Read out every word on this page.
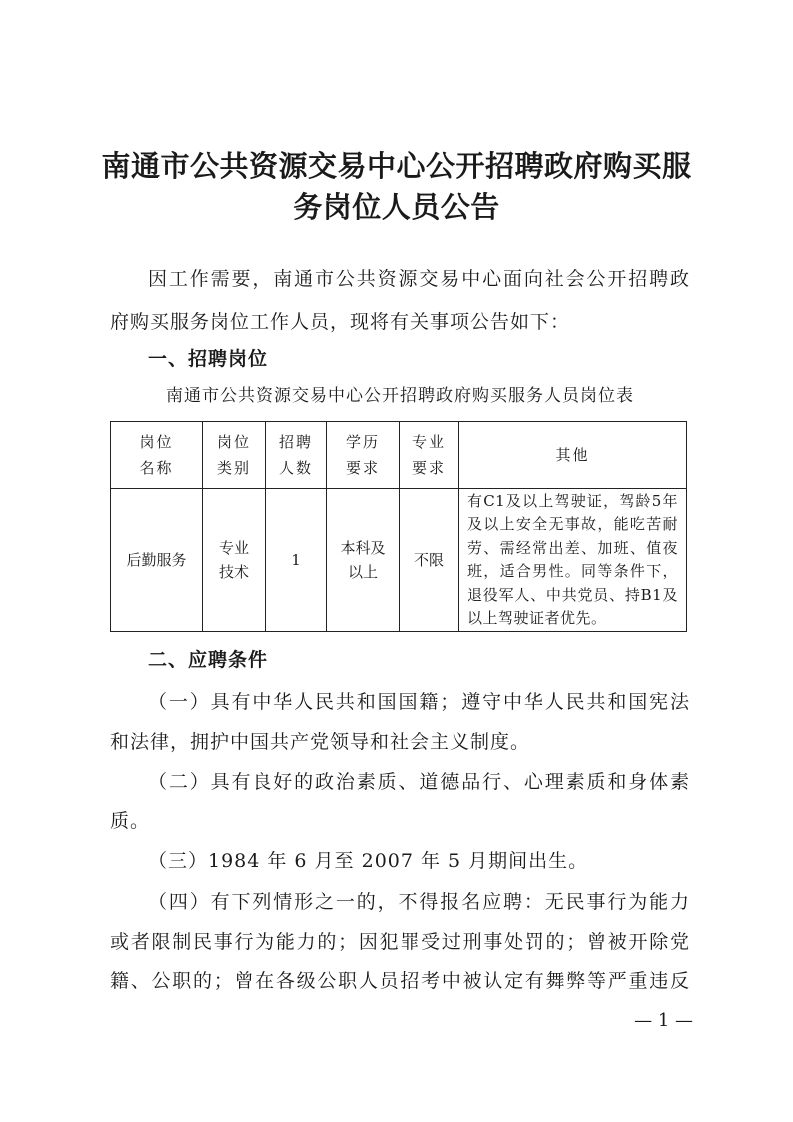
南通市公共资源交易中心公开招聘政府购买服
务岗位人员公告

因工作需要，南通市公共资源交易中心面向社会公开招聘政

府购买服务岗位工作人员，现将有关事项公告如下：

一、招聘岗位

南通市公共资源交易中心公开招聘政府购买服务人员岗位表
岗位名称	岗位类别	招聘人数	学历要求	专业要求	其他
后勤服务	专业技术	1	本科及以上	不限	有C1及以上驾驶证，驾龄5年及以上安全无事故，能吃苦耐劳、需经常出差、加班、值夜班，适合男性。同等条件下，退役军人、中共党员、持B1及以上驾驶证者优先。

二、应聘条件

（一）具有中华人民共和国国籍；遵守中华人民共和国宪法

和法律，拥护中国共产党领导和社会主义制度。

（二）具有良好的政治素质、道德品行、心理素质和身体素

质。

（三）1984 年 6 月至 2007 年 5 月期间出生。

（四）有下列情形之一的，不得报名应聘：无民事行为能力

或者限制民事行为能力的；因犯罪受过刑事处罚的；曾被开除党

籍、公职的；曾在各级公职人员招考中被认定有舞弊等严重违反

— 1 —
